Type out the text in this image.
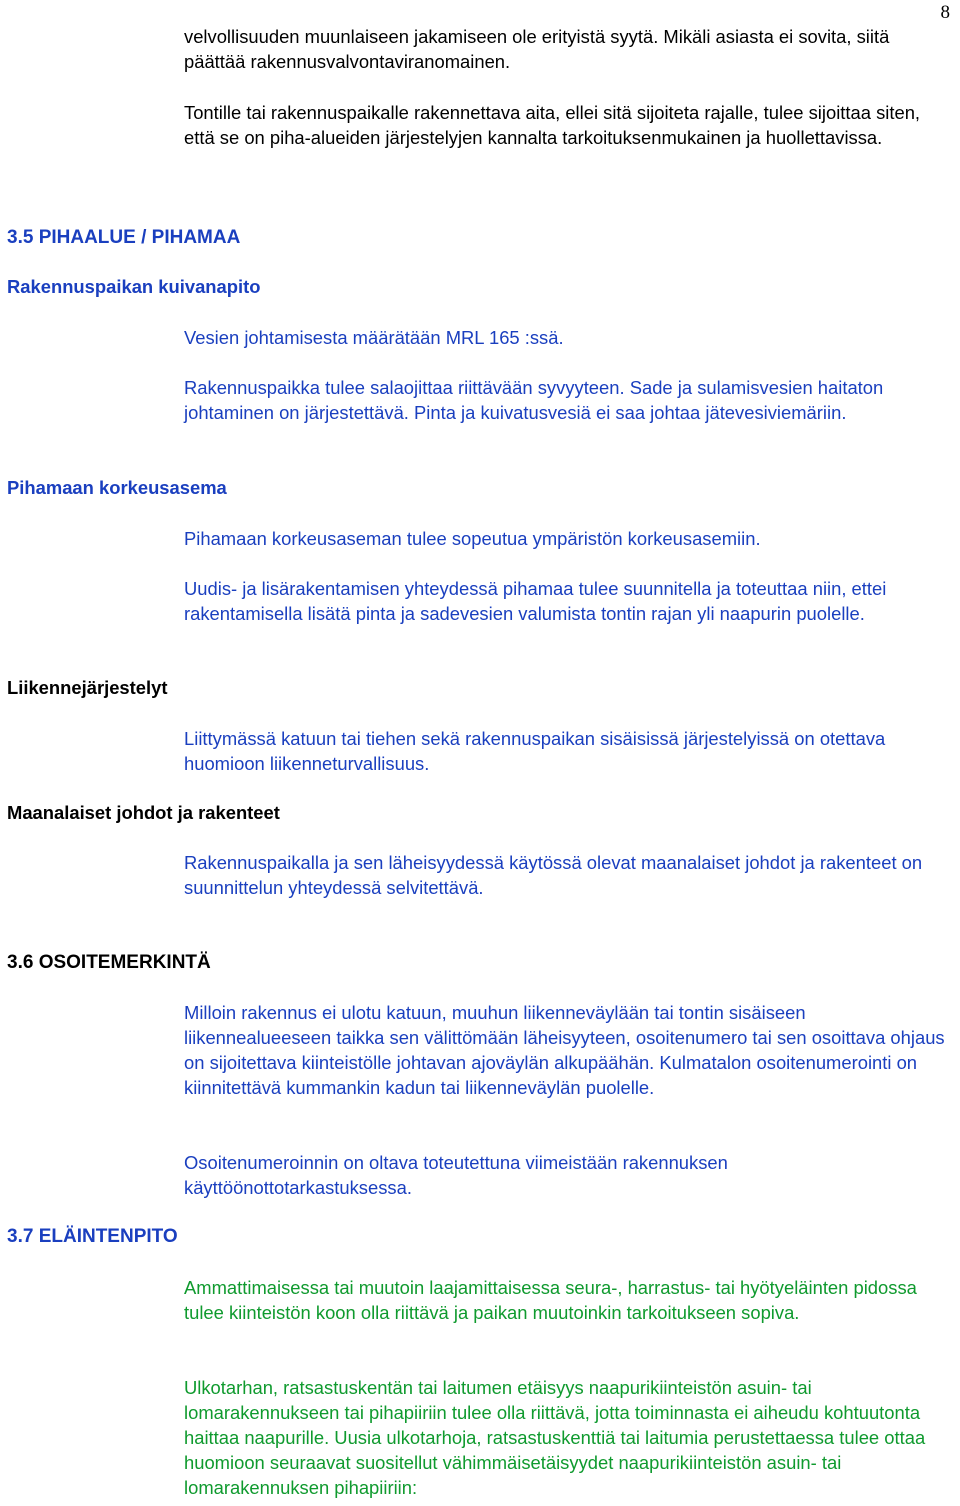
8

velvollisuuden muunlaiseen jakamiseen ole erityistä syytä. Mikäli asiasta ei sovita, siitä päättää rakennusvalvontaviranomainen.

Tontille tai rakennuspaikalle rakennettava aita, ellei sitä sijoiteta rajalle, tulee sijoittaa siten, että se on piha-alueiden järjestelyjen kannalta tarkoituksenmukainen ja huollettavissa.

3.5 PIHAALUE / PIHAMAA
Rakennuspaikan kuivanapito

Vesien johtamisesta määrätään MRL 165 :ssä.

Rakennuspaikka tulee salaojittaa riittävään syvyyteen. Sade ja sulamisvesien haitaton johtaminen on järjestettävä. Pinta ja kuivatusvesiä ei saa johtaa jätevesiviemäriin.

Pihamaan korkeusasema

Pihamaan korkeusaseman tulee sopeutua ympäristön korkeusasemiin.

Uudis- ja lisärakentamisen yhteydessä pihamaa tulee suunnitella ja toteuttaa niin, ettei rakentamisella lisätä pinta ja sadevesien valumista tontin rajan yli naapurin puolelle.

Liikennejärjestelyt

Liittymässä katuun tai tiehen sekä rakennuspaikan sisäisissä järjestelyissä on otettava huomioon liikenneturvallisuus.

Maanalaiset johdot ja rakenteet

Rakennuspaikalla ja sen läheisyydessä käytössä olevat maanalaiset johdot ja rakenteet on suunnittelun yhteydessä selvitettävä.

3.6 OSOITEMERKINTÄ

Milloin rakennus ei ulotu katuun, muuhun liikenneväylään tai tontin sisäiseen liikennealueeseen taikka sen välittömään läheisyyteen, osoitenumero tai sen osoittava ohjaus on sijoitettava kiinteistölle johtavan ajoväylän alkupäähän. Kulmatalon osoitenumerointi on kiinnitettävä kummankin kadun tai liikenneväylän puolelle.

Osoitenumeroinnin on oltava toteutettuna viimeistään rakennuksen käyttöönottotarkastuksessa.

3.7 ELÄINTENPITO

Ammattimaisessa tai muutoin laajamittaisessa seura-, harrastus- tai hyötyeläinten pidossa tulee kiinteistön koon olla riittävä ja paikan muutoinkin tarkoitukseen sopiva.

Ulkotarhan, ratsastuskentän tai laitumen etäisyys naapurikiinteistön asuin- tai lomarakennukseen tai pihapiiriin tulee olla riittävä, jotta toiminnasta ei aiheudu kohtuutonta haittaa naapurille. Uusia ulkotarhoja, ratsastuskenttiä tai laitumia perustettaessa tulee ottaa huomioon seuraavat suositellut vähimmäisetäisyydet naapurikiinteistön asuin- tai lomarakennuksen pihapiiriin:
